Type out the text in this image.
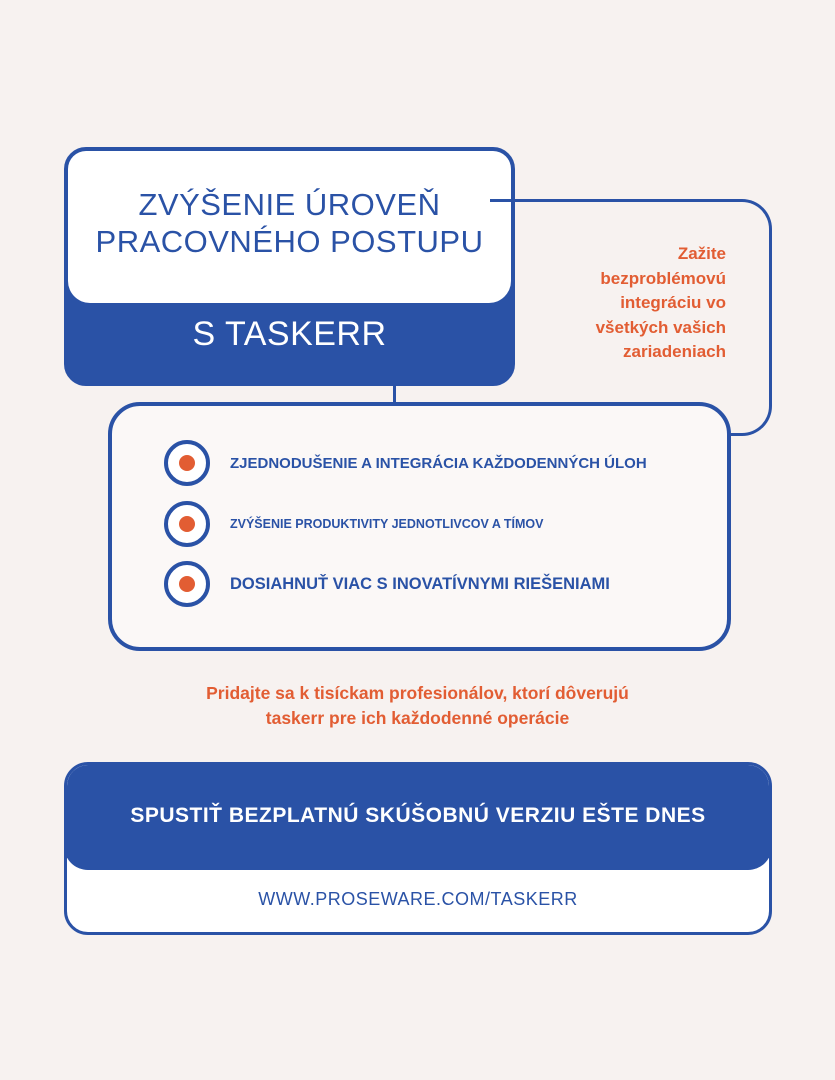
ZVÝŠENIE ÚROVEŇ
PRACOVNÉHO POSTUPU
S TASKERR
Zažite
bezproblémovú
integráciu vo
všetkých vašich
zariadeniach
ZJEDNODUŠENIE A INTEGRÁCIA KAŽDODENNÝCH ÚLOH
ZVÝŠENIE PRODUKTIVITY JEDNOTLIVCOV A TÍMOV
DOSIAHNUŤ VIAC S INOVATÍVNYMI RIEŠENIAMI
Pridajte sa k tisíckam profesionálov, ktorí dôverujú
taskerr pre ich každodenné operácie
SPUSTIŤ BEZPLATNÚ SKÚŠOBNÚ VERZIU EŠTE DNES
WWW.PROSEWARE.COM/TASKERR
